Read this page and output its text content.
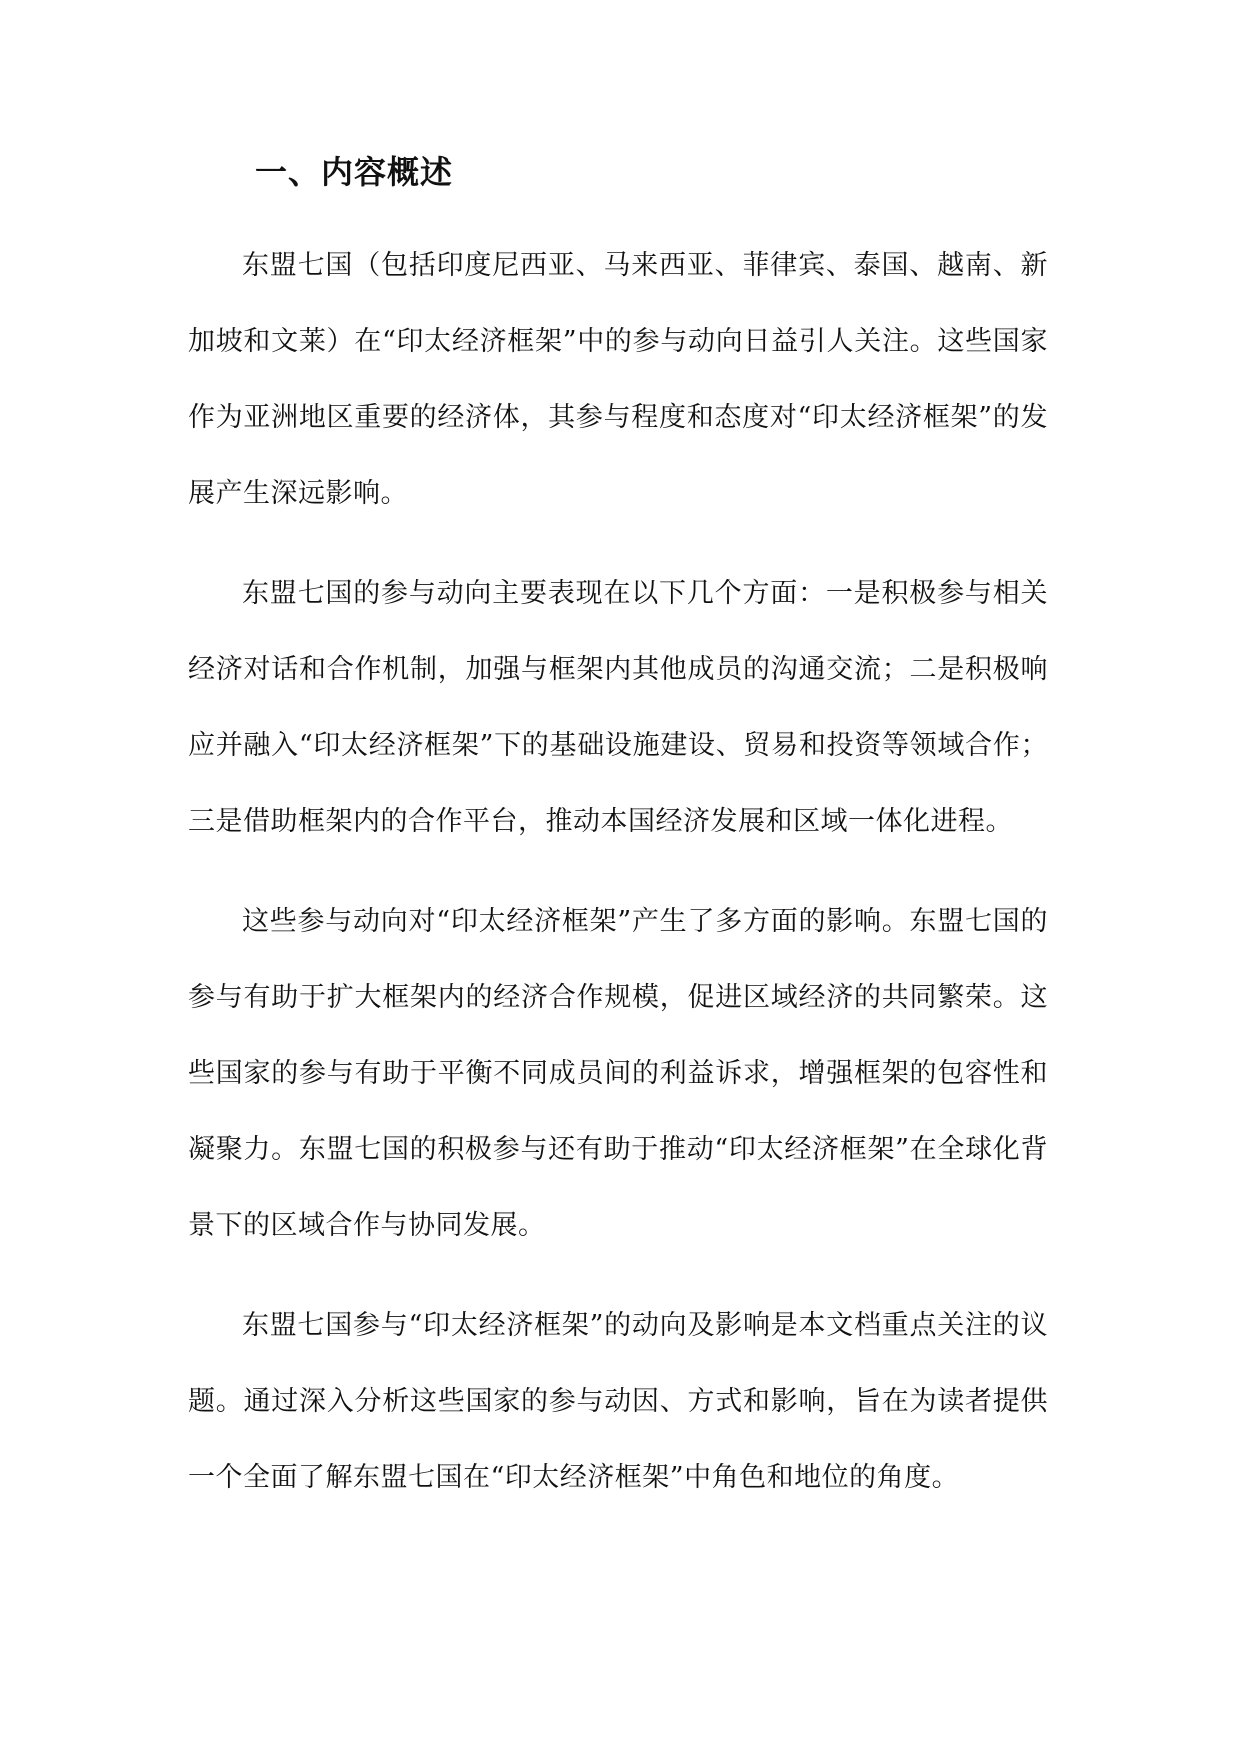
一、内容概述

东盟七国（包括印度尼西亚、马来西亚、菲律宾、泰国、越南、新加坡和文莱）在“印太经济框架”中的参与动向日益引人关注。这些国家作为亚洲地区重要的经济体，其参与程度和态度对“印太经济框架”的发展产生深远影响。

东盟七国的参与动向主要表现在以下几个方面：一是积极参与相关经济对话和合作机制，加强与框架内其他成员的沟通交流；二是积极响应并融入“印太经济框架”下的基础设施建设、贸易和投资等领域合作；三是借助框架内的合作平台，推动本国经济发展和区域一体化进程。

这些参与动向对“印太经济框架”产生了多方面的影响。东盟七国的参与有助于扩大框架内的经济合作规模，促进区域经济的共同繁荣。这些国家的参与有助于平衡不同成员间的利益诉求，增强框架的包容性和凝聚力。东盟七国的积极参与还有助于推动“印太经济框架”在全球化背景下的区域合作与协同发展。

东盟七国参与“印太经济框架”的动向及影响是本文档重点关注的议题。通过深入分析这些国家的参与动因、方式和影响，旨在为读者提供一个全面了解东盟七国在“印太经济框架”中角色和地位的角度。
